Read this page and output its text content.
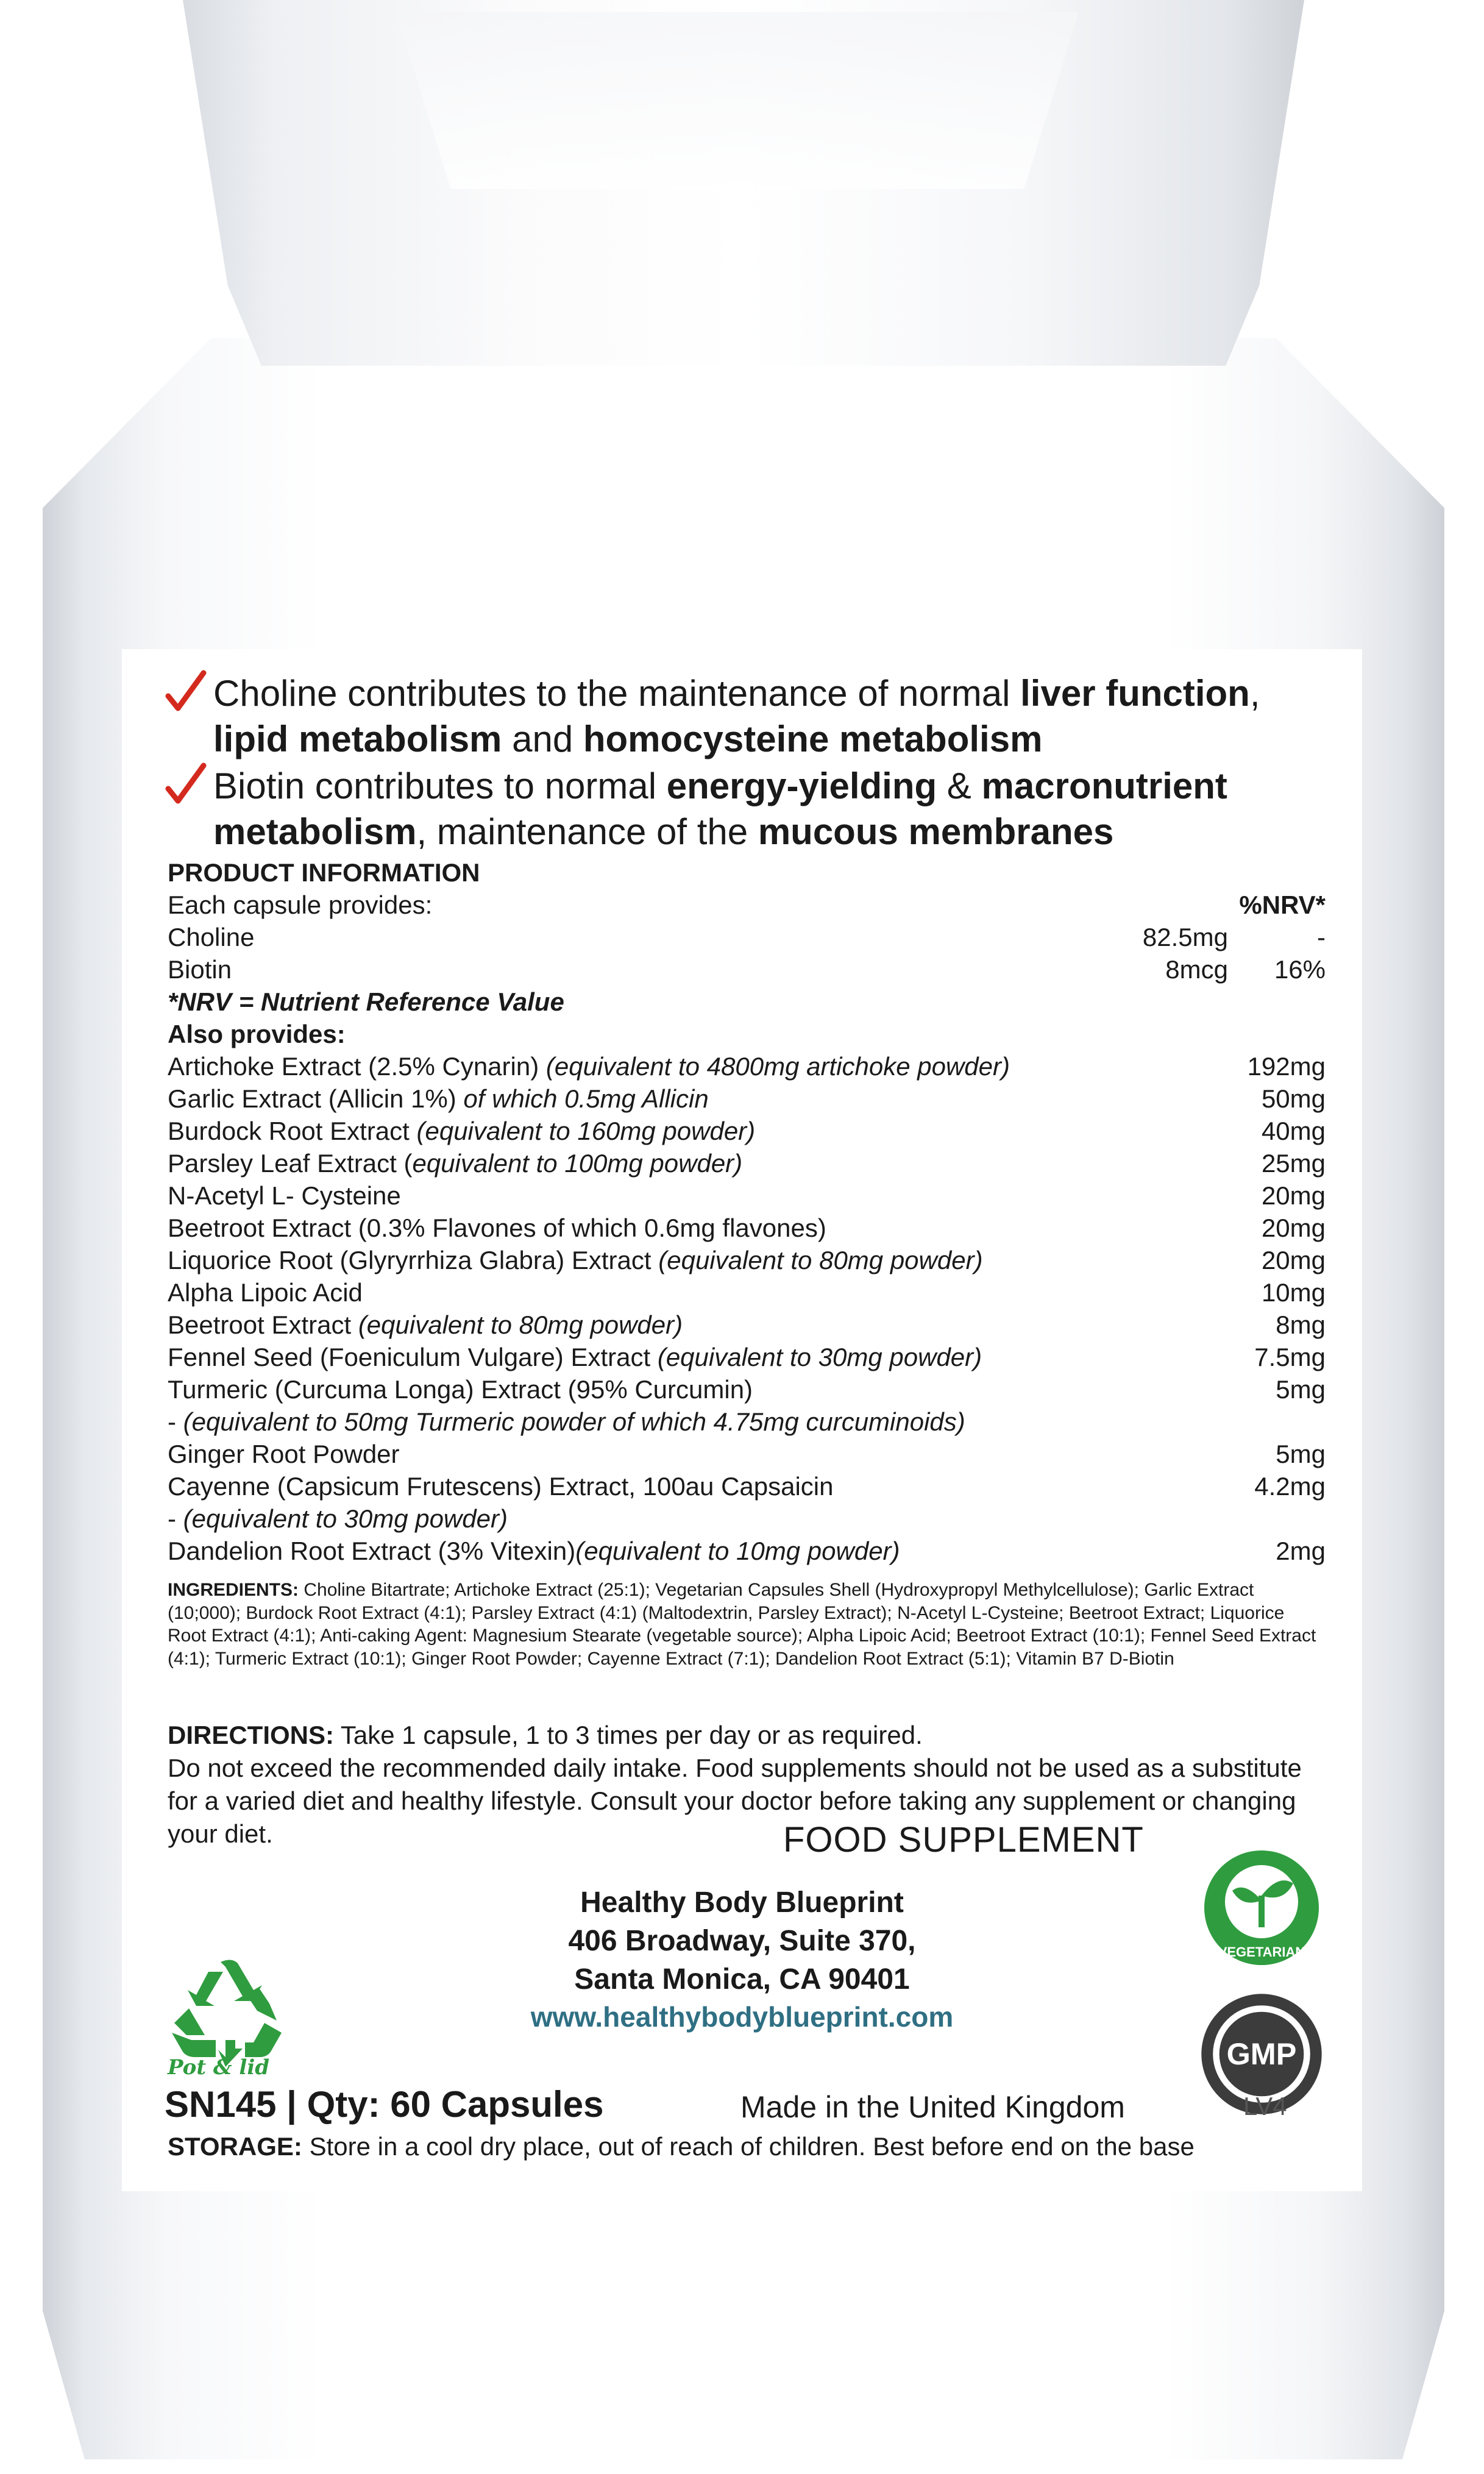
Choline contributes to the maintenance of normal liver function,
lipid metabolism and homocysteine metabolism
Biotin contributes to normal energy-yielding & macronutrient
metabolism, maintenance of the mucous membranes
PRODUCT INFORMATION
Each capsule provides:	%NRV*
Choline	82.5mg	-
Biotin	8mcg	16%
*NRV = Nutrient Reference Value
Also provides:
Artichoke Extract (2.5% Cynarin) (equivalent to 4800mg artichoke powder)	192mg
Garlic Extract (Allicin 1%) of which 0.5mg Allicin	50mg
Burdock Root Extract (equivalent to 160mg powder)	40mg
Parsley Leaf Extract (equivalent to 100mg powder)	25mg
N-Acetyl L- Cysteine	20mg
Beetroot Extract (0.3% Flavones of which 0.6mg flavones)	20mg
Liquorice Root (Glyryrrhiza Glabra) Extract (equivalent to 80mg powder)	20mg
Alpha Lipoic Acid	10mg
Beetroot Extract (equivalent to 80mg powder)	8mg
Fennel Seed (Foeniculum Vulgare) Extract (equivalent to 30mg powder)	7.5mg
Turmeric (Curcuma Longa) Extract (95% Curcumin)	5mg
- (equivalent to 50mg Turmeric powder of which 4.75mg curcuminoids)
Ginger Root Powder	5mg
Cayenne (Capsicum Frutescens) Extract, 100au Capsaicin	4.2mg
- (equivalent to 30mg powder)
Dandelion Root Extract (3% Vitexin)(equivalent to 10mg powder)	2mg
INGREDIENTS: Choline Bitartrate; Artichoke Extract (25:1); Vegetarian Capsules Shell (Hydroxypropyl Methylcellulose); Garlic Extract (10;000); Burdock Root Extract (4:1); Parsley Extract (4:1) (Maltodextrin, Parsley Extract); N-Acetyl L-Cysteine; Beetroot Extract; Liquorice Root Extract (4:1); Anti-caking Agent: Magnesium Stearate (vegetable source); Alpha Lipoic Acid; Beetroot Extract (10:1); Fennel Seed Extract (4:1); Turmeric Extract (10:1); Ginger Root Powder; Cayenne Extract (7:1); Dandelion Root Extract (5:1); Vitamin B7 D-Biotin
DIRECTIONS: Take 1 capsule, 1 to 3 times per day or as required.
Do not exceed the recommended daily intake. Food supplements should not be used as a substitute for a varied diet and healthy lifestyle. Consult your doctor before taking any supplement or changing your diet.	FOOD SUPPLEMENT
Healthy Body Blueprint
406 Broadway, Suite 370,
Santa Monica, CA 90401
www.healthybodyblueprint.com
Pot & lid
VEGETARIAN
GMP
SN145 | Qty: 60 Capsules	Made in the United Kingdom	LV4
STORAGE: Store in a cool dry place, out of reach of children. Best before end on the base
